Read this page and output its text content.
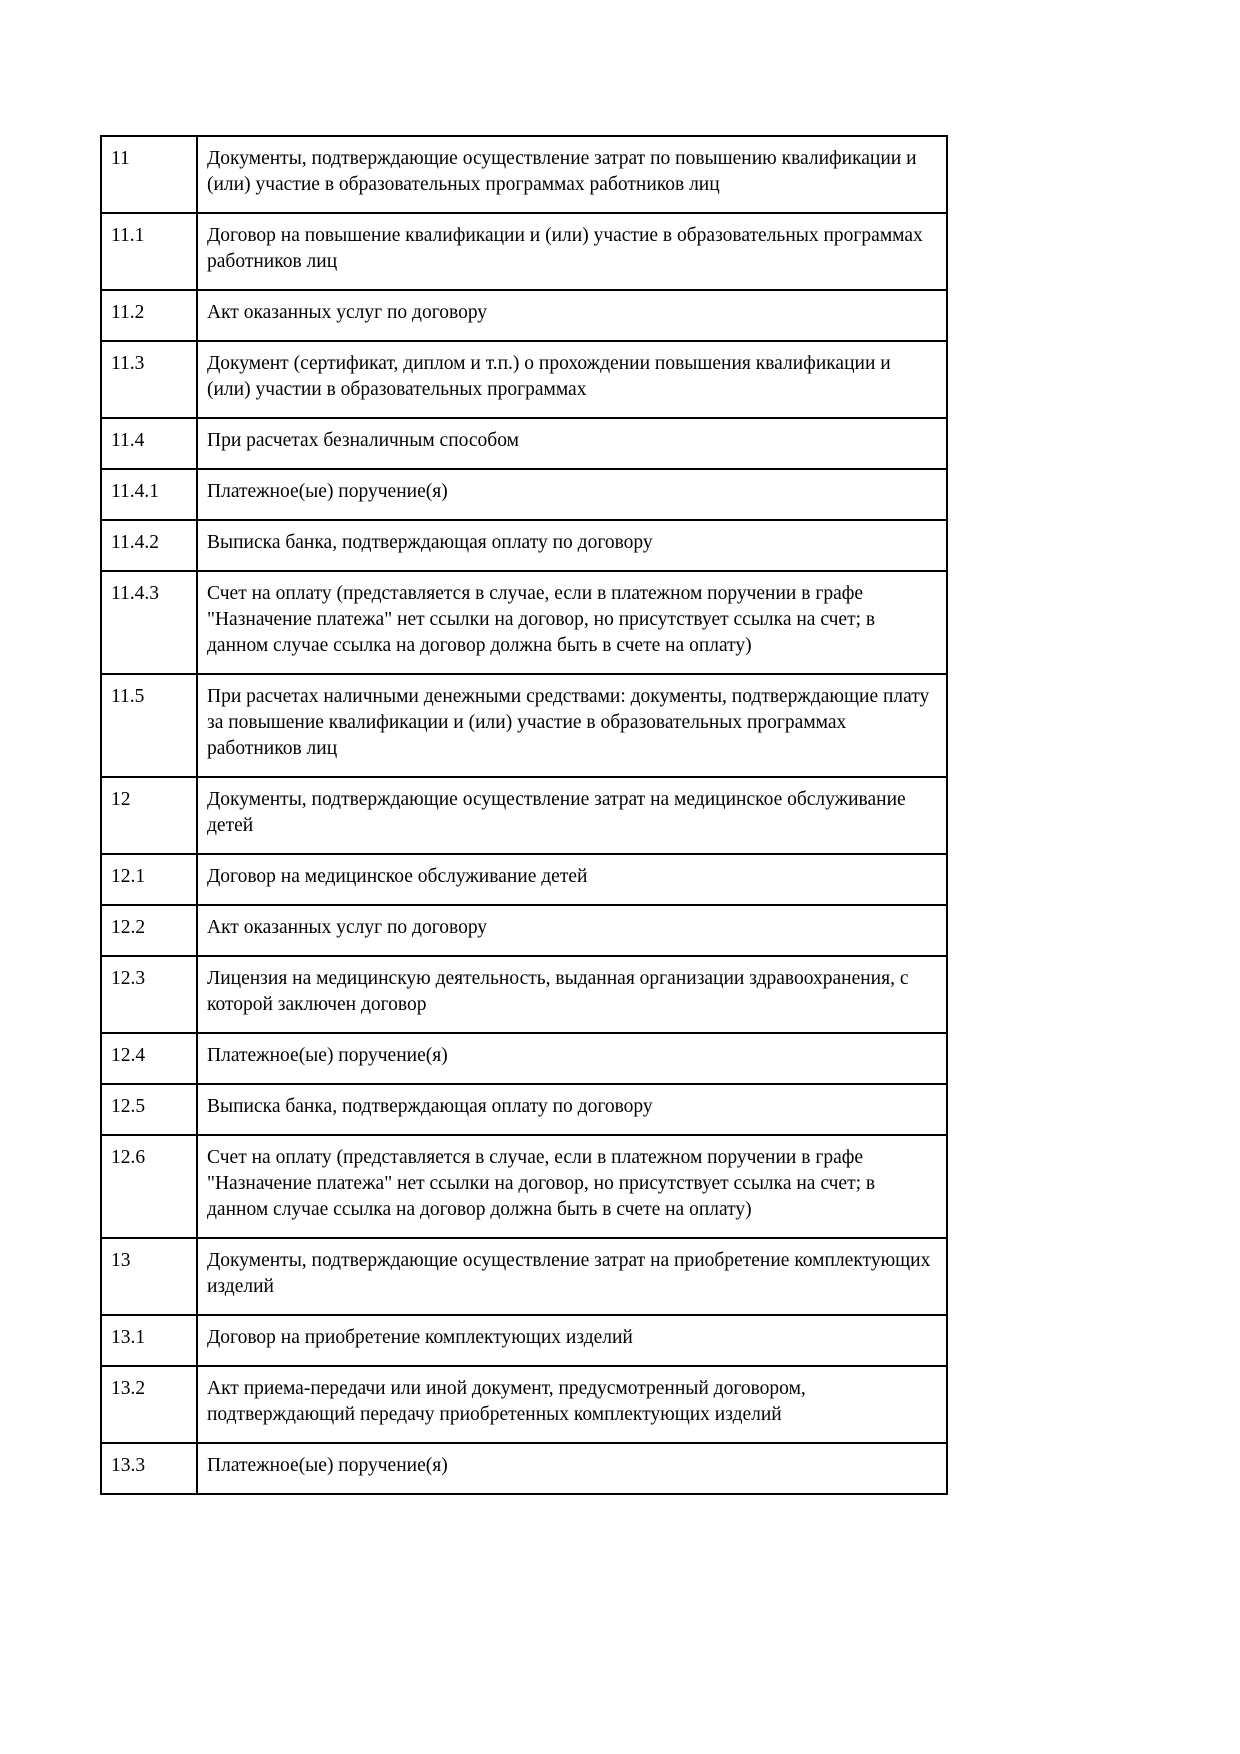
11	Документы, подтверждающие осуществление затрат по повышению квалификации и (или) участие в образовательных программах работников лиц
11.1	Договор на повышение квалификации и (или) участие в образовательных программах работников лиц
11.2	Акт оказанных услуг по договору
11.3	Документ (сертификат, диплом и т.п.) о прохождении повышения квалификации и (или) участии в образовательных программах
11.4	При расчетах безналичным способом
11.4.1	Платежное(ые) поручение(я)
11.4.2	Выписка банка, подтверждающая оплату по договору
11.4.3	Счет на оплату (представляется в случае, если в платежном поручении в графе "Назначение платежа" нет ссылки на договор, но присутствует ссылка на счет; в данном случае ссылка на договор должна быть в счете на оплату)
11.5	При расчетах наличными денежными средствами: документы, подтверждающие плату за повышение квалификации и (или) участие в образовательных программах работников лиц
12	Документы, подтверждающие осуществление затрат на медицинское обслуживание детей
12.1	Договор на медицинское обслуживание детей
12.2	Акт оказанных услуг по договору
12.3	Лицензия на медицинскую деятельность, выданная организации здравоохранения, с которой заключен договор
12.4	Платежное(ые) поручение(я)
12.5	Выписка банка, подтверждающая оплату по договору
12.6	Счет на оплату (представляется в случае, если в платежном поручении в графе "Назначение платежа" нет ссылки на договор, но присутствует ссылка на счет; в данном случае ссылка на договор должна быть в счете на оплату)
13	Документы, подтверждающие осуществление затрат на приобретение комплектующих изделий
13.1	Договор на приобретение комплектующих изделий
13.2	Акт приема-передачи или иной документ, предусмотренный договором, подтверждающий передачу приобретенных комплектующих изделий
13.3	Платежное(ые) поручение(я)
